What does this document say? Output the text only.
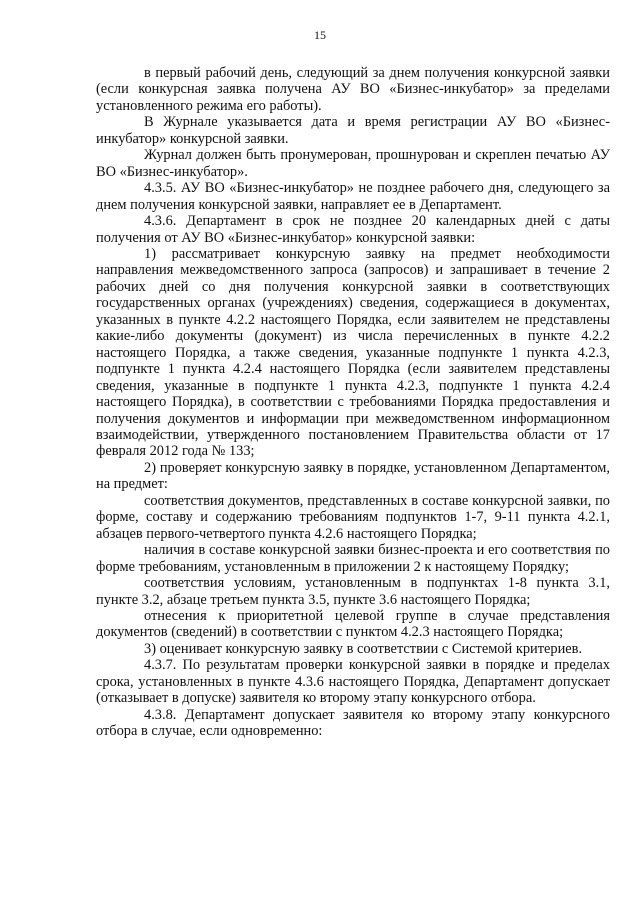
15

в первый рабочий день, следующий за днем получения конкурсной заявки (если конкурсная заявка получена АУ ВО «Бизнес-инкубатор» за пределами установленного режима его работы).

В Журнале указывается дата и время регистрации АУ ВО «Бизнес-инкубатор» конкурсной заявки.

Журнал должен быть пронумерован, прошнурован и скреплен печатью АУ ВО «Бизнес-инкубатор».

4.3.5. АУ ВО «Бизнес-инкубатор» не позднее рабочего дня, следующего за днем получения конкурсной заявки, направляет ее в Департамент.

4.3.6. Департамент в срок не позднее 20 календарных дней с даты получения от АУ ВО «Бизнес-инкубатор» конкурсной заявки:

1) рассматривает конкурсную заявку на предмет необходимости направления межведомственного запроса (запросов) и запрашивает в течение 2 рабочих дней со дня получения конкурсной заявки в соответствующих государственных органах (учреждениях) сведения, содержащиеся в документах, указанных в пункте 4.2.2 настоящего Порядка, если заявителем не представлены какие-либо документы (документ) из числа перечисленных в пункте 4.2.2 настоящего Порядка, а также сведения, указанные подпункте 1 пункта 4.2.3, подпункте 1 пункта 4.2.4 настоящего Порядка (если заявителем представлены сведения, указанные в подпункте 1 пункта 4.2.3, подпункте 1 пункта 4.2.4 настоящего Порядка), в соответствии с требованиями Порядка предоставления и получения документов и информации при межведомственном информационном взаимодействии, утвержденного постановлением Правительства области от 17 февраля 2012 года № 133;

2) проверяет конкурсную заявку в порядке, установленном Департаментом, на предмет:

соответствия документов, представленных в составе конкурсной заявки, по форме, составу и содержанию требованиям подпунктов 1-7, 9-11 пункта 4.2.1, абзацев первого-четвертого пункта 4.2.6 настоящего Порядка;

наличия в составе конкурсной заявки бизнес-проекта и его соответствия по форме требованиям, установленным в приложении 2 к настоящему Порядку;

соответствия условиям, установленным в подпунктах 1-8 пункта 3.1, пункте 3.2, абзаце третьем пункта 3.5, пункте 3.6 настоящего Порядка;

отнесения к приоритетной целевой группе в случае представления документов (сведений) в соответствии с пунктом 4.2.3 настоящего Порядка;

3) оценивает конкурсную заявку в соответствии с Системой критериев.

4.3.7. По результатам проверки конкурсной заявки в порядке и пределах срока, установленных в пункте 4.3.6 настоящего Порядка, Департамент допускает (отказывает в допуске) заявителя ко второму этапу конкурсного отбора.

4.3.8. Департамент допускает заявителя ко второму этапу конкурсного отбора в случае, если одновременно:
